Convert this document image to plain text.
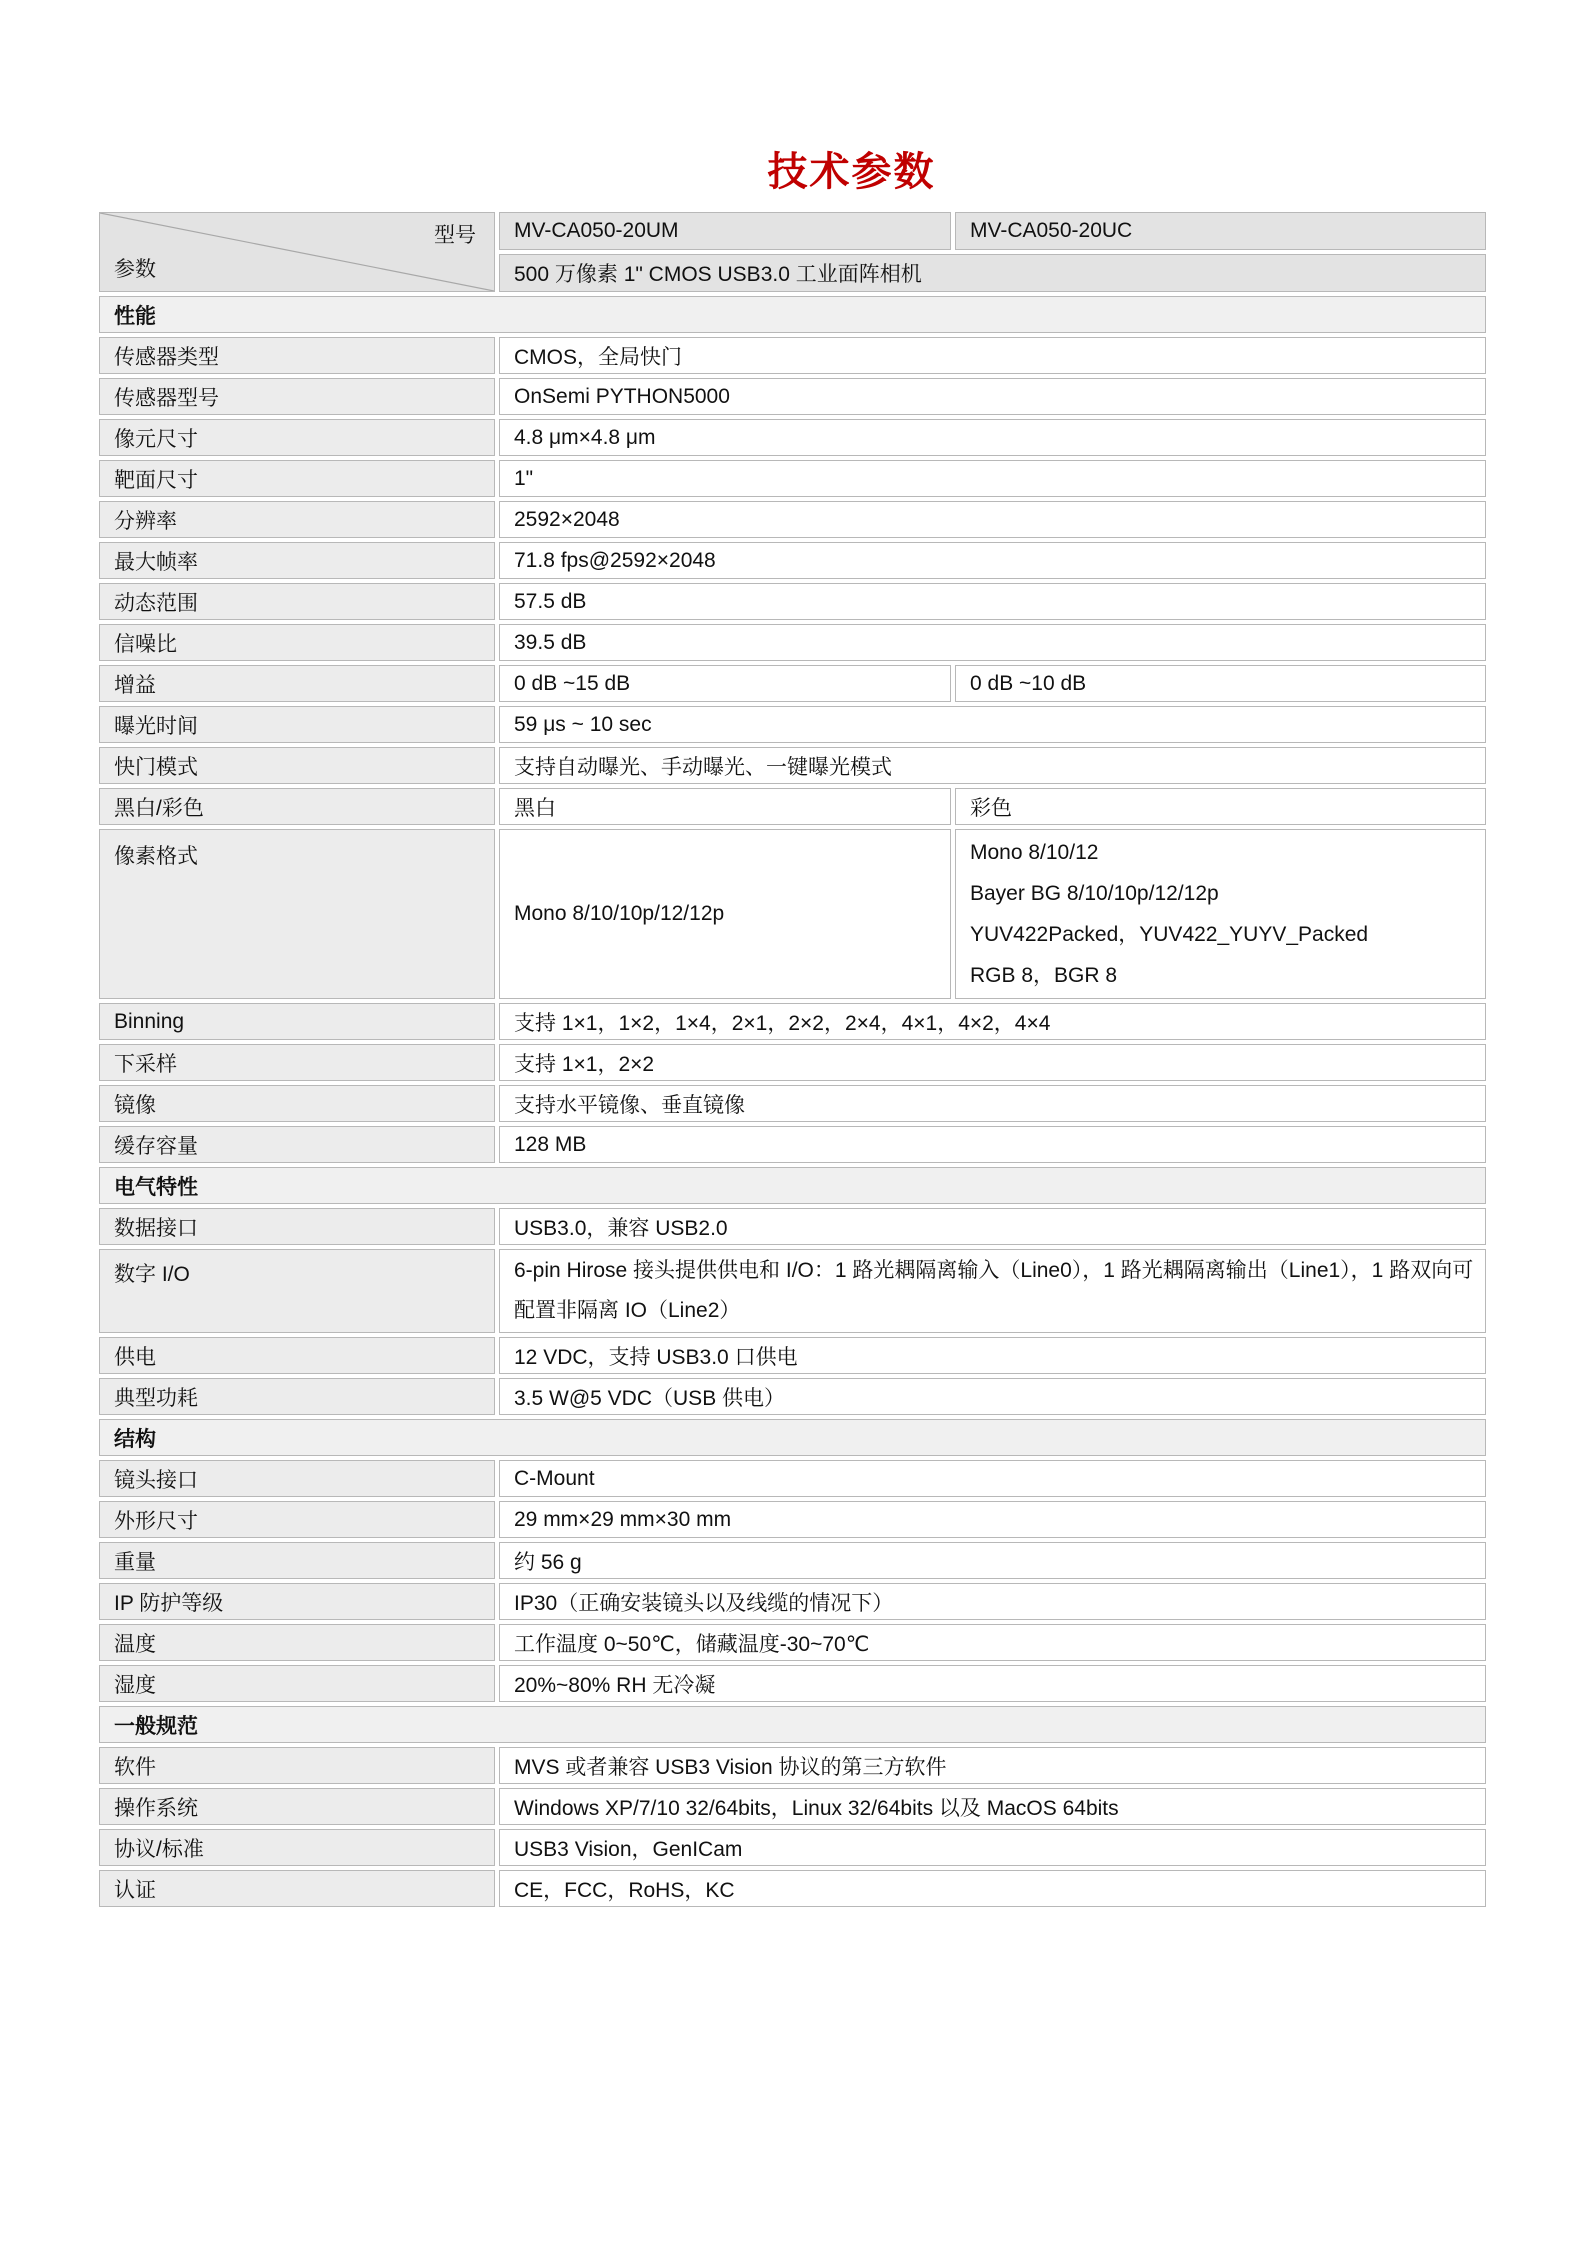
技术参数
型号
参数	MV-CA050-20UM	MV-CA050-20UC
	500 万像素 1" CMOS USB3.0 工业面阵相机	
性能		
传感器类型	CMOS，全局快门	
传感器型号	OnSemi PYTHON5000	
像元尺寸	4.8 μm×4.8 μm	
靶面尺寸	1"	
分辨率	2592×2048	
最大帧率	71.8 fps@2592×2048	
动态范围	57.5 dB	
信噪比	39.5 dB	
增益	0 dB ~15 dB	0 dB ~10 dB
曝光时间	59 μs ~ 10 sec	
快门模式	支持自动曝光、手动曝光、一键曝光模式	
黑白/彩色	黑白	彩色
像素格式	Mono 8/10/10p/12/12p	Mono 8/10/12
Bayer BG 8/10/10p/12/12p
YUV422Packed，YUV422_YUYV_Packed
RGB 8，BGR 8

Binning	支持 1×1，1×2，1×4，2×1，2×2，2×4，4×1，4×2，4×4	
下采样	支持 1×1，2×2	
镜像	支持水平镜像、垂直镜像	
缓存容量	128 MB	
电气特性		
数据接口	USB3.0，兼容 USB2.0	
数字 I/O	6-pin Hirose 接头提供供电和 I/O：1 路光耦隔离输入（Line0），1 路光耦隔离输出（Line1），1 路双向可配置非隔离 IO（Line2）	
供电	12 VDC，支持 USB3.0 口供电	
典型功耗	3.5 W@5 VDC（USB 供电）	
结构		
镜头接口	C-Mount	
外形尺寸	29 mm×29 mm×30 mm	
重量	约 56 g	
IP 防护等级	IP30（正确安装镜头以及线缆的情况下）	
温度	工作温度 0~50℃，储藏温度-30~70℃	
湿度	20%~80% RH 无冷凝	
一般规范		
软件	MVS 或者兼容 USB3 Vision 协议的第三方软件	
操作系统	Windows XP/7/10 32/64bits，Linux 32/64bits 以及 MacOS 64bits	
协议/标准	USB3 Vision，GenICam	
认证	CE，FCC，RoHS，KC	
